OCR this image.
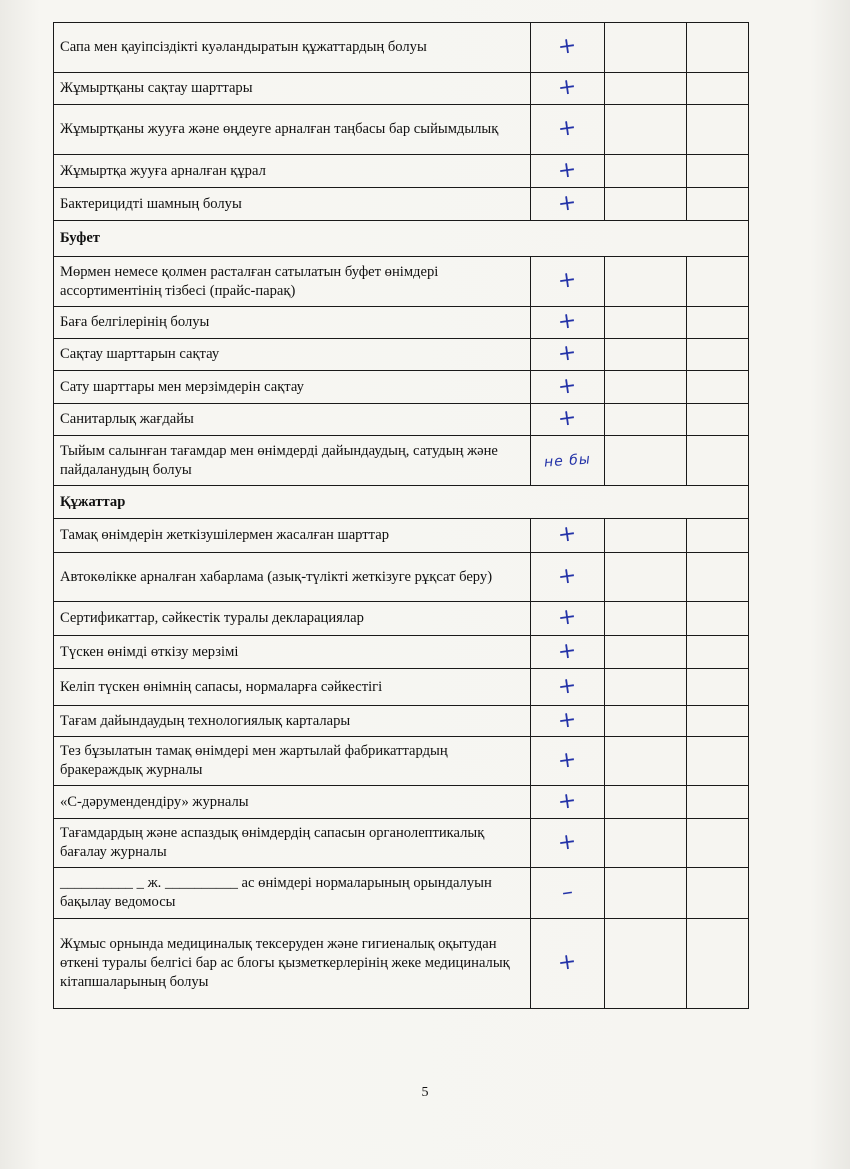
Сапа мен қауіпсіздікті куәландыратын құжаттардың болуы	+		
Жұмыртқаны сақтау шарттары	+		
Жұмыртқаны жууға және өңдеуге арналған таңбасы бар сыйымдылық	+		
Жұмыртқа жууға арналған құрал	+		
Бактерицидті шамның болуы	+		
Буфет			
Мөрмен немесе қолмен расталған сатылатын буфет өнімдері ассортиментінің тізбесі (прайс-парақ)	+		
Баға белгілерінің болуы	+		
Сақтау шарттарын сақтау	+		
Сату шарттары мен мерзімдерін сақтау	+		
Санитарлық жағдайы	+		
Тыйым салынған тағамдар мен өнімдерді дайындаудың, сатудың және пайдаланудың болуы	не бы		
Құжаттар			
Тамақ өнімдерін жеткізушілермен жасалған шарттар	+		
Автокөлікке арналған хабарлама (азық-түлікті жеткізуге рұқсат беру)	+		
Сертификаттар, сәйкестік туралы декларациялар	+		
Түскен өнімді өткізу мерзімі	+		
Келіп түскен өнімнің сапасы, нормаларға сәйкестігі	+		
Тағам дайындаудың технологиялық карталары	+		
Тез бұзылатын тамақ өнімдері мен жартылай фабрикаттардың бракераждық журналы	+		
«С-дәрумендендіру» журналы	+		
Тағамдардың және аспаздық өнімдердің сапасын органолептикалық бағалау журналы	+		
__________ _ ж. __________ ас өнімдері нормаларының орындалуын бақылау ведомосы	–		
Жұмыс орнында медициналық тексеруден және гигиеналық оқытудан өткені туралы белгісі бар ас блогы қызметкерлерінің жеке медициналық кітапшаларының болуы	+		
5
